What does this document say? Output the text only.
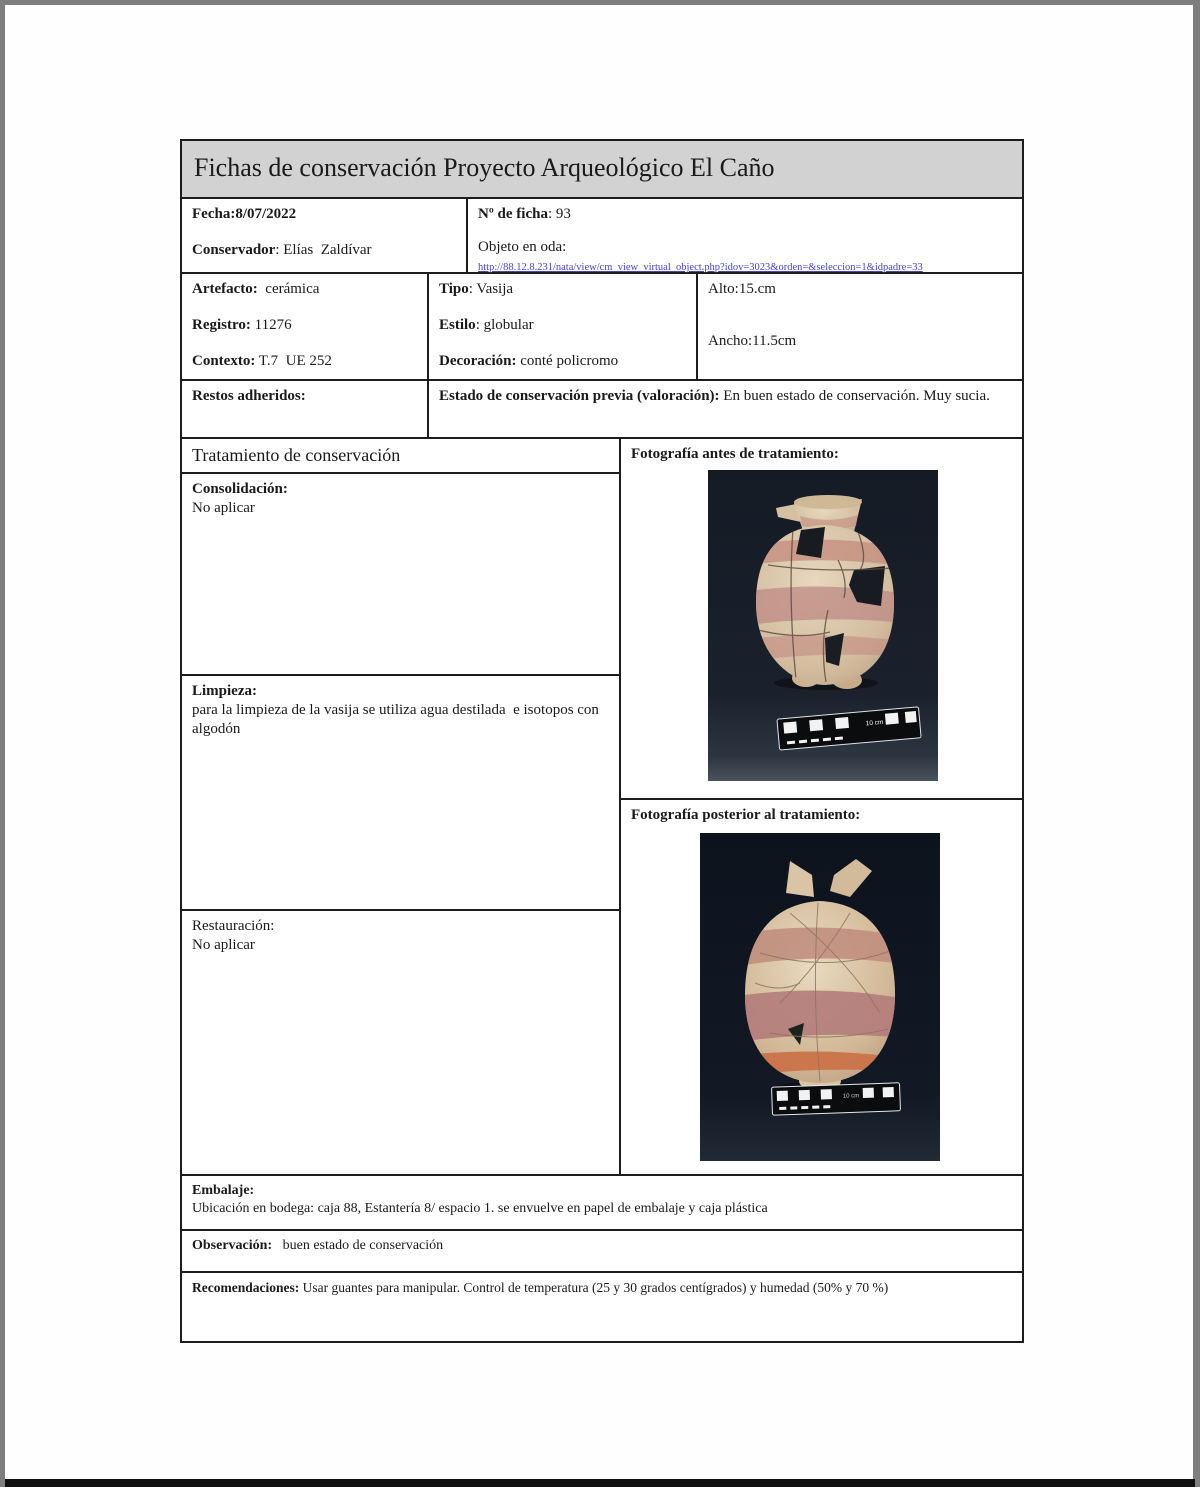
Fichas de conservación Proyecto Arqueológico El Caño

Fecha:8/07/2022

Conservador: Elías  Zaldívar

Nº de ficha: 93

Objeto en oda:

http://88.12.8.231/nata/view/cm_view_virtual_object.php?idov=3023&orden=&seleccion=1&idpadre=33

Artefacto:  cerámica

Registro: 11276

Contexto: T.7  UE 252

Tipo: Vasija

Estilo: globular

Decoración: conté policromo

Alto:15.cm

Ancho:11.5cm

Restos adheridos:	Estado de conservación previa (valoración): En buen estado de conservación. Muy sucia.

Tratamiento de conservación

Consolidación:

No aplicar

Limpieza:

para la limpieza de la vasija se utiliza agua destilada  e isotopos con algodón

Restauración:

No aplicar

Fotografía antes de tratamiento:

10 cm

Fotografía posterior al tratamiento:

10 cm

Embalaje:

Ubicación en bodega: caja 88, Estantería 8/ espacio 1. se envuelve en papel de embalaje y caja plástica

Observación:   buen estado de conservación

Recomendaciones: Usar guantes para manipular. Control de temperatura (25 y 30 grados centígrados) y humedad (50% y 70 %)
